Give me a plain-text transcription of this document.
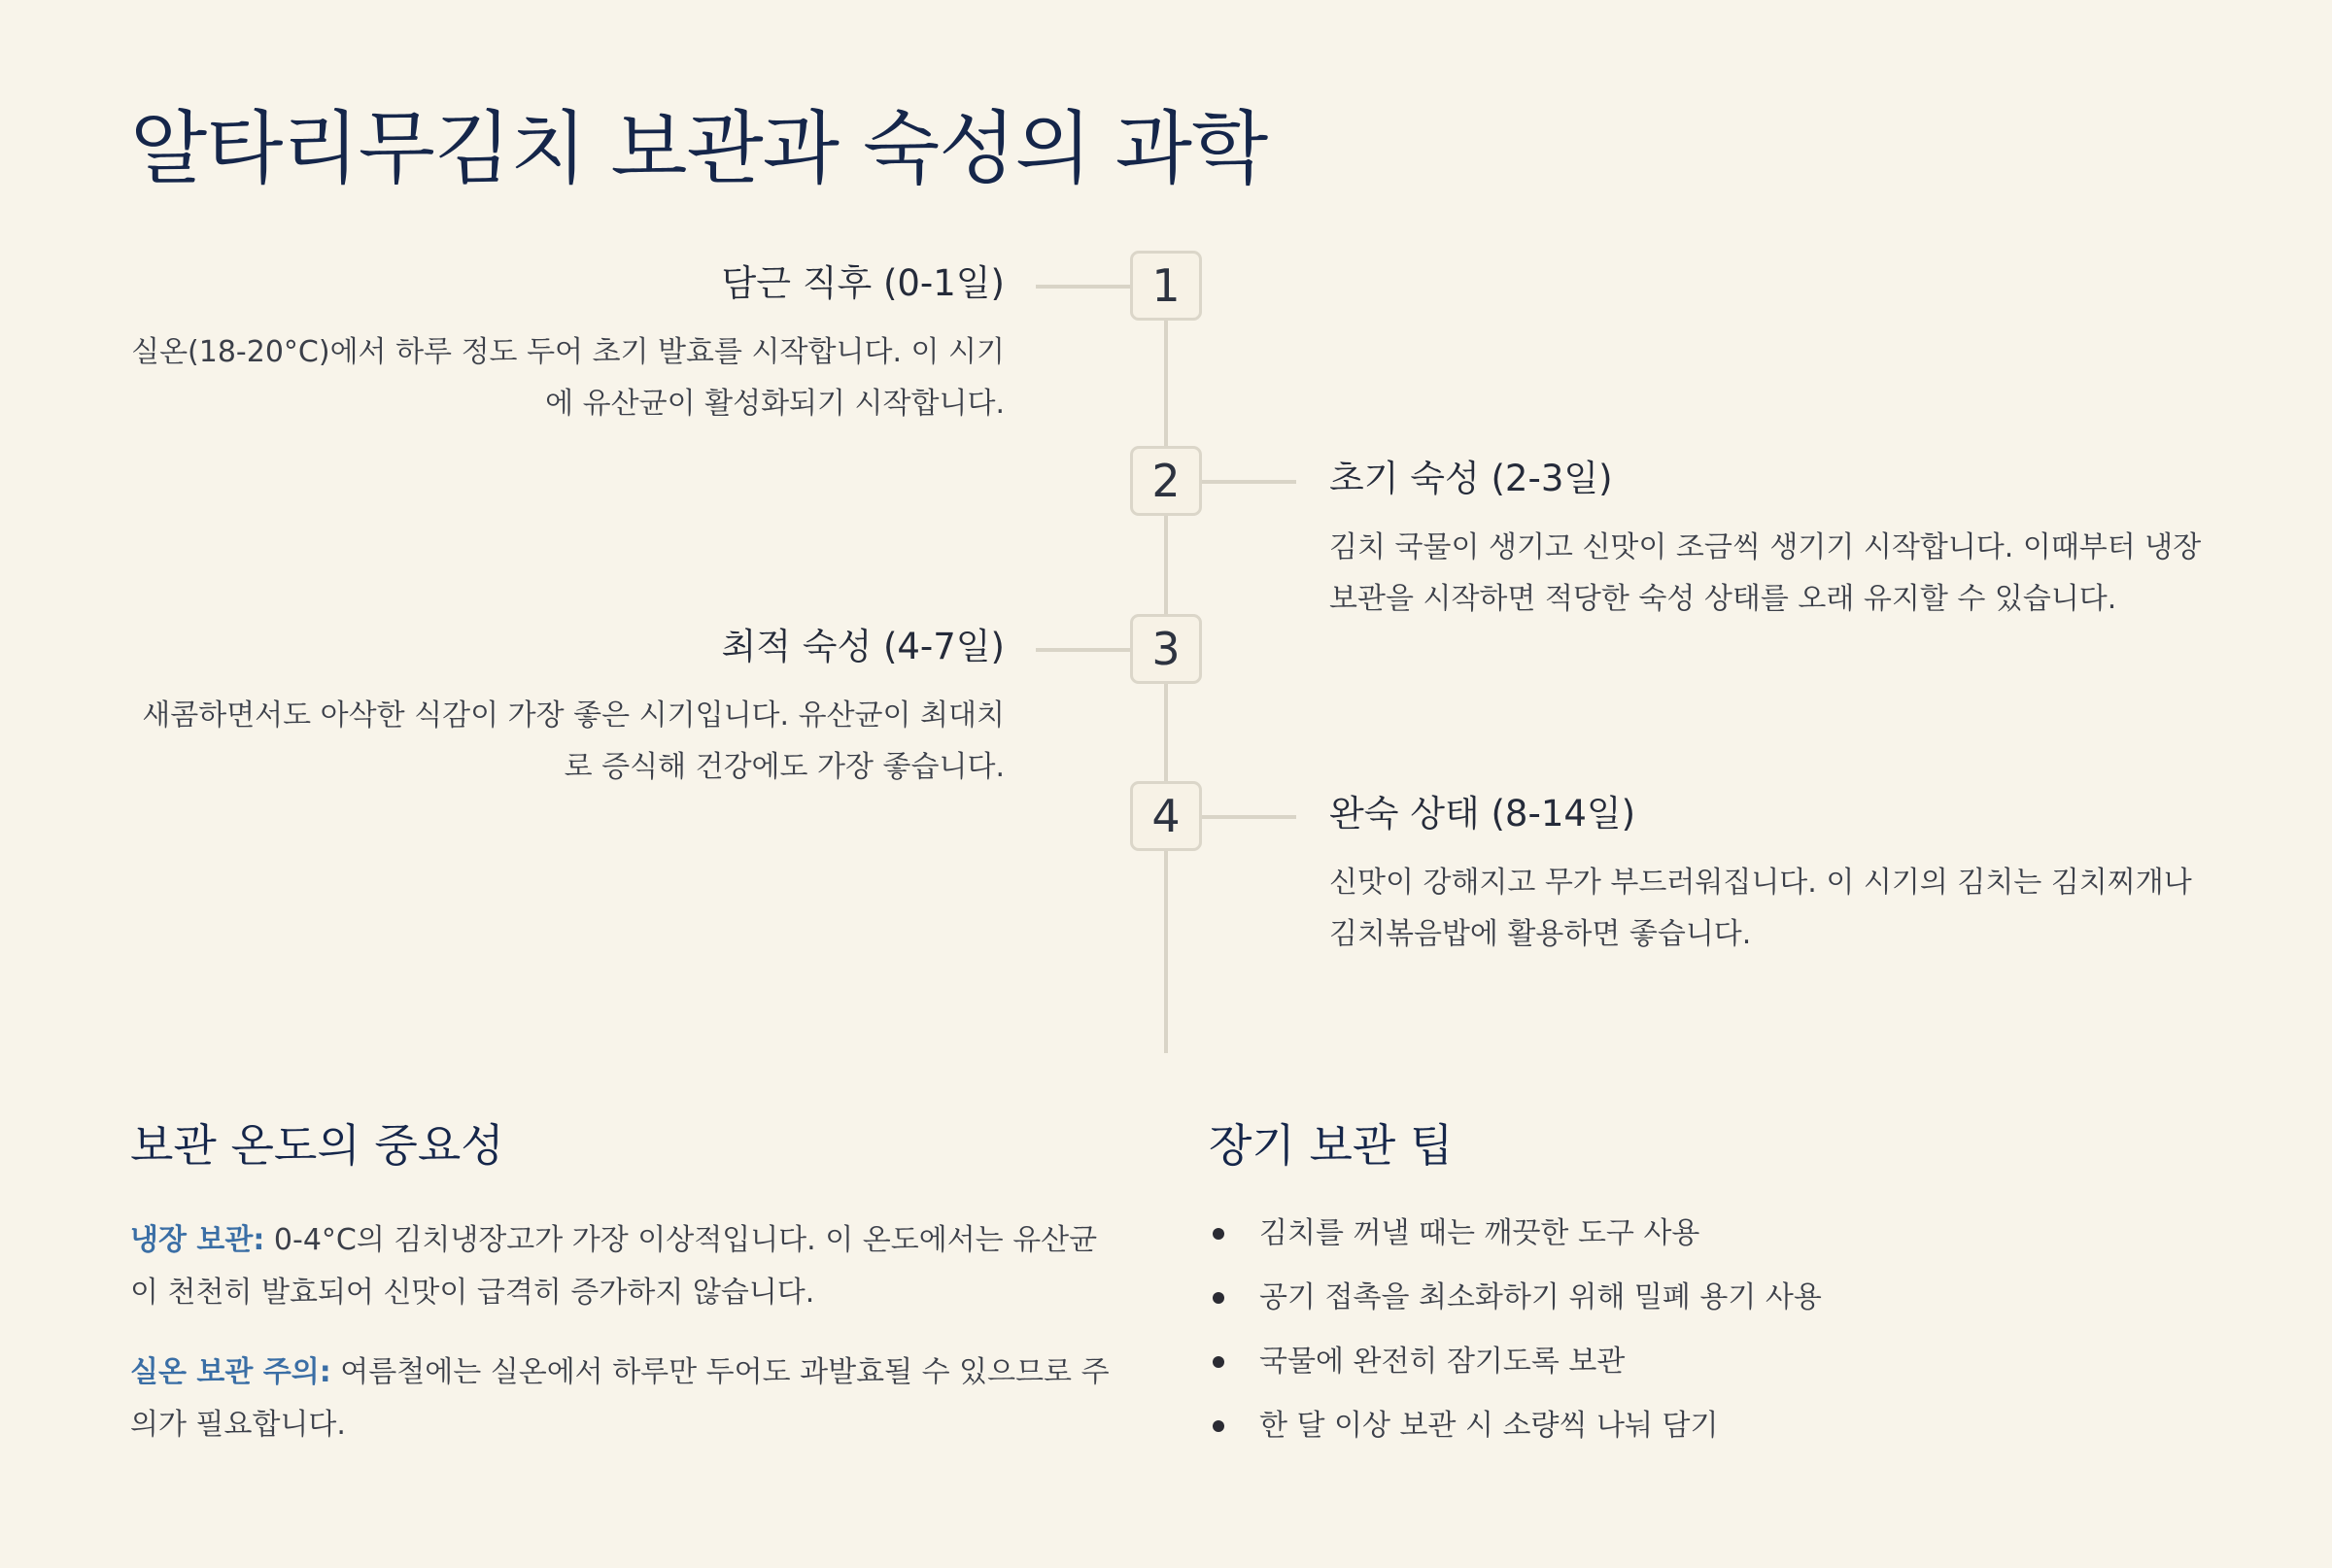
알타리무김치 보관과 숙성의 과학
1
담근 직후 (0-1일)

실온(18-20°C)에서 하루 정도 두어 초기 발효를 시작합니다. 이 시기에 유산균이 활성화되기 시작합니다.

2	초기 숙성 (2-3일)

김치 국물이 생기고 신맛이 조금씩 생기기 시작합니다. 이때부터 냉장 보관을 시작하면 적당한 숙성 상태를 오래 유지할 수 있습니다.

3
최적 숙성 (4-7일)

새콤하면서도 아삭한 식감이 가장 좋은 시기입니다. 유산균이 최대치로 증식해 건강에도 가장 좋습니다.

4	완숙 상태 (8-14일)

신맛이 강해지고 무가 부드러워집니다. 이 시기의 김치는 김치찌개나 김치볶음밥에 활용하면 좋습니다.

보관 온도의 중요성

냉장 보관: 0-4°C의 김치냉장고가 가장 이상적입니다. 이 온도에서는 유산균이 천천히 발효되어 신맛이 급격히 증가하지 않습니다.

실온 보관 주의: 여름철에는 실온에서 하루만 두어도 과발효될 수 있으므로 주의가 필요합니다.

장기 보관 팁
김치를 꺼낼 때는 깨끗한 도구 사용
공기 접촉을 최소화하기 위해 밀폐 용기 사용
국물에 완전히 잠기도록 보관
한 달 이상 보관 시 소량씩 나눠 담기
